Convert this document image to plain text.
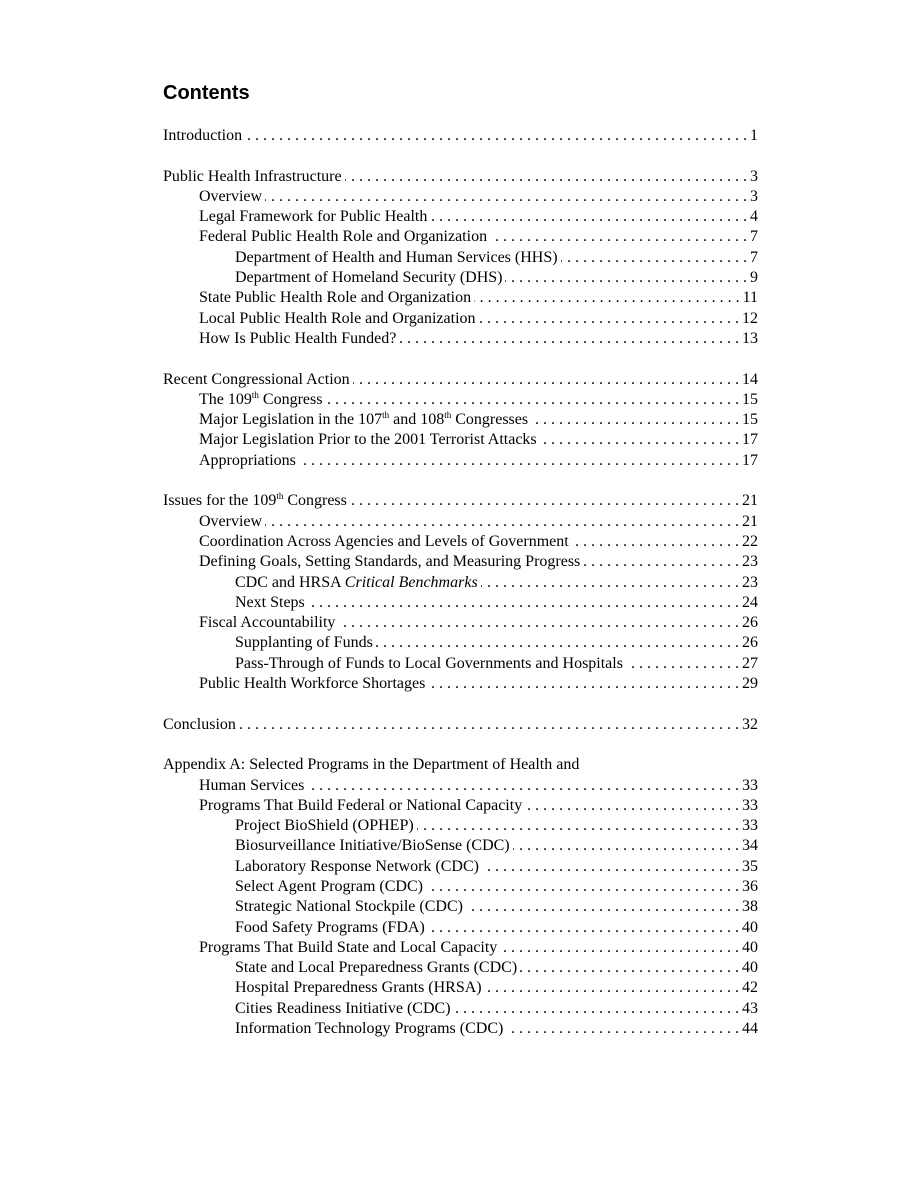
Contents
Introduction . . .	1
Public Health Infrastructure . . .	3
Overview . . .	3
Legal Framework for Public Health . . .	4
Federal Public Health Role and Organization . . .	7
Department of Health and Human Services (HHS) . . .	7
Department of Homeland Security (DHS) . . .	9
State Public Health Role and Organization . . .	11
Local Public Health Role and Organization . . .	12
How Is Public Health Funded? . . .	13
Recent Congressional Action . . .	14
The 109th Congress . . .	15
Major Legislation in the 107th and 108th Congresses . . .	15
Major Legislation Prior to the 2001 Terrorist Attacks . . .	17
Appropriations . . .	17
Issues for the 109th Congress . . .	21
Overview . . .	21
Coordination Across Agencies and Levels of Government . . .	22
Defining Goals, Setting Standards, and Measuring Progress . . .	23
CDC and HRSA Critical Benchmarks . . .	23
Next Steps . . .	24
Fiscal Accountability . . .	26
Supplanting of Funds . . .	26
Pass-Through of Funds to Local Governments and Hospitals . . .	27
Public Health Workforce Shortages . . .	29
Conclusion . . .	32
Appendix A: Selected Programs in the Department of Health and
Human Services . . .	33
Programs That Build Federal or National Capacity . . .	33
Project BioShield (OPHEP) . . .	33
Biosurveillance Initiative/BioSense (CDC) . . .	34
Laboratory Response Network (CDC) . . .	35
Select Agent Program (CDC) . . .	36
Strategic National Stockpile (CDC) . . .	38
Food Safety Programs (FDA) . . .	40
Programs That Build State and Local Capacity . . .	40
State and Local Preparedness Grants (CDC) . . .	40
Hospital Preparedness Grants (HRSA) . . .	42
Cities Readiness Initiative (CDC) . . .	43
Information Technology Programs (CDC) . . .	44
